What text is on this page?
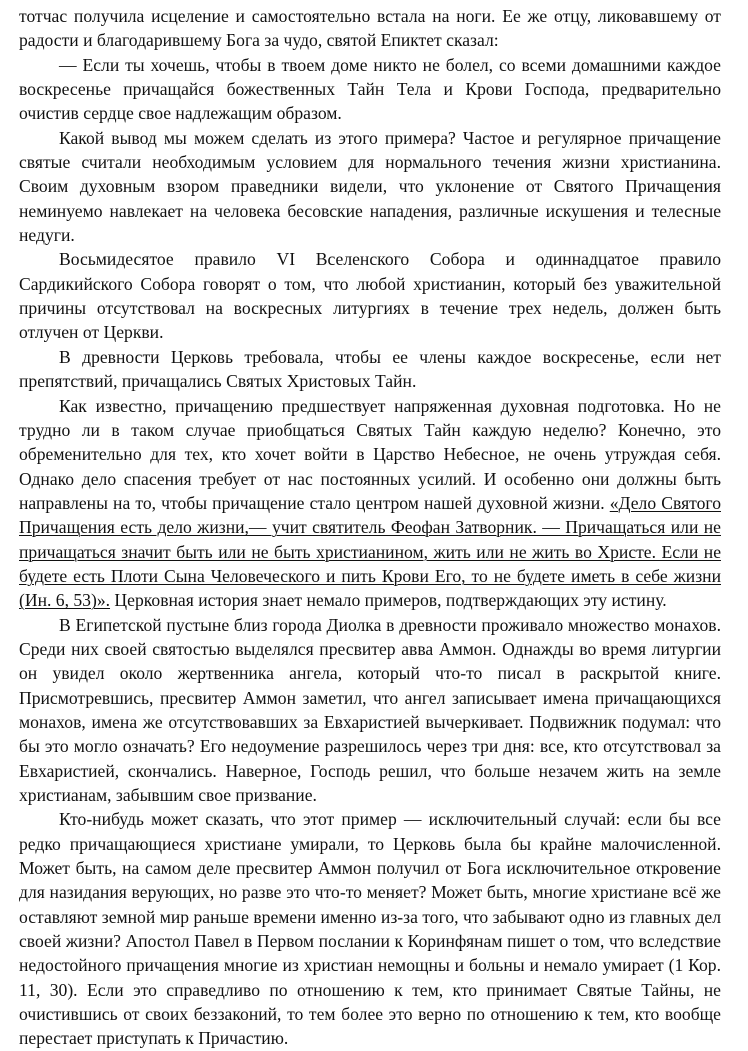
тотчас получила исцеление и самостоятельно встала на ноги. Ее же отцу, ликовавшему от радости и благодарившему Бога за чудо, святой Епиктет сказал:

— Если ты хочешь, чтобы в твоем доме никто не болел, со всеми домашними каждое воскресенье причащайся божественных Тайн Тела и Крови Господа, предварительно очистив сердце свое надлежащим образом.

Какой вывод мы можем сделать из этого примера? Частое и регулярное причащение святые считали необходимым условием для нормального течения жизни христианина. Своим духовным взором праведники видели, что уклонение от Святого Причащения неминуемо навлекает на человека бесовские нападения, различные искушения и телесные недуги.

Восьмидесятое правило VI Вселенского Собора и одиннадцатое правило Сардикийского Собора говорят о том, что любой христианин, который без уважительной причины отсутствовал на воскресных литургиях в течение трех недель, должен быть отлучен от Церкви.

В древности Церковь требовала, чтобы ее члены каждое воскресенье, если нет препятствий, причащались Святых Христовых Тайн.

Как известно, причащению предшествует напряженная духовная подготовка. Но не трудно ли в таком случае приобщаться Святых Тайн каждую неделю? Конечно, это обременительно для тех, кто хочет войти в Царство Небесное, не очень утруждая себя. Однако дело спасения требует от нас постоянных усилий. И особенно они должны быть направлены на то, чтобы причащение стало центром нашей духовной жизни. «Дело Святого Причащения есть дело жизни,— учит святитель Феофан Затворник. — Причащаться или не причащаться значит быть или не быть христианином, жить или не жить во Христе. Если не будете есть Плоти Сына Человеческого и пить Крови Его, то не будете иметь в себе жизни (Ин. 6, 53)». Церковная история знает немало примеров, подтверждающих эту истину.

В Египетской пустыне близ города Диолка в древности проживало множество монахов. Среди них своей святостью выделялся пресвитер авва Аммон. Однажды во время литургии он увидел около жертвенника ангела, который что-то писал в раскрытой книге. Присмотревшись, пресвитер Аммон заметил, что ангел записывает имена причащающихся монахов, имена же отсутствовавших за Евхаристией вычеркивает. Подвижник подумал: что бы это могло означать? Его недоумение разрешилось через три дня: все, кто отсутствовал за Евхаристией, скончались. Наверное, Господь решил, что больше незачем жить на земле христианам, забывшим свое призвание.

Кто-нибудь может сказать, что этот пример — исключительный случай: если бы все редко причащающиеся христиане умирали, то Церковь была бы крайне малочисленной. Может быть, на самом деле пресвитер Аммон получил от Бога исключительное откровение для назидания верующих, но разве это что-то меняет? Может быть, многие христиане всё же оставляют земной мир раньше времени именно из-за того, что забывают одно из главных дел своей жизни? Апостол Павел в Первом послании к Коринфянам пишет о том, что вследствие недостойного причащения многие из христиан немощны и больны и немало умирает (1 Кор. 11, 30). Если это справедливо по отношению к тем, кто принимает Святые Тайны, не очистившись от своих беззаконий, то тем более это верно по отношению к тем, кто вообще перестает приступать к Причастию.
